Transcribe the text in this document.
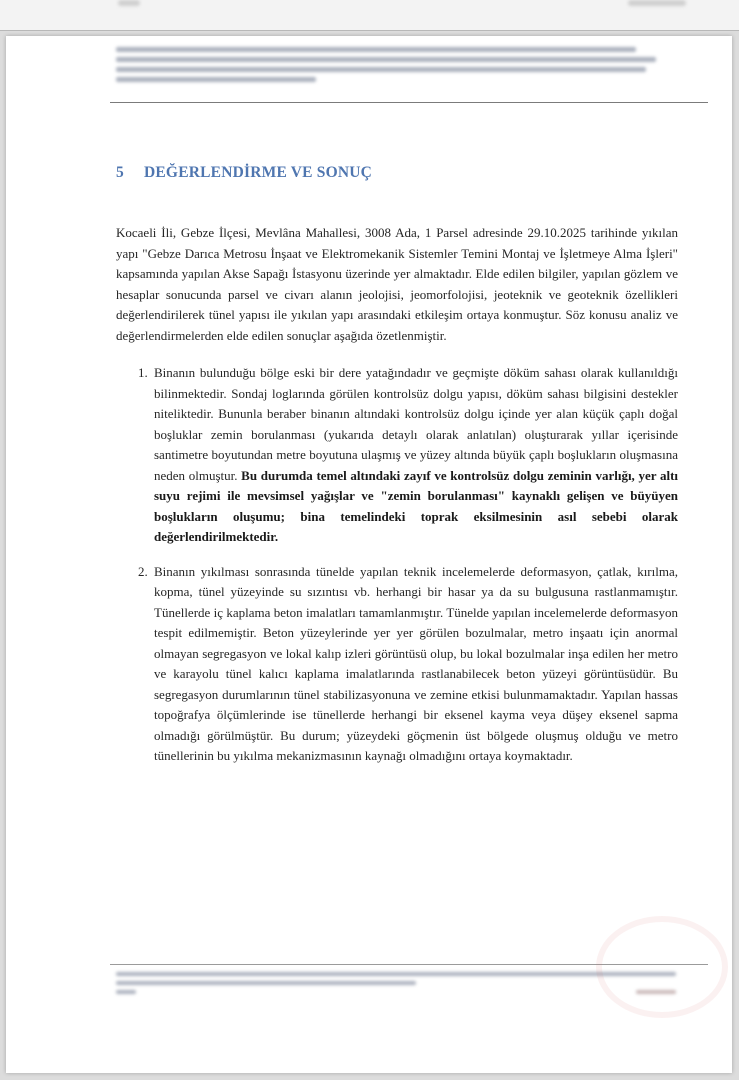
5 DEĞERLENDİRME VE SONUÇ

Kocaeli İli, Gebze İlçesi, Mevlâna Mahallesi, 3008 Ada, 1 Parsel adresinde 29.10.2025 tarihinde yıkılan yapı "Gebze Darıca Metrosu İnşaat ve Elektromekanik Sistemler Temini Montaj ve İşletmeye Alma İşleri" kapsamında yapılan Akse Sapağı İstasyonu üzerinde yer almaktadır. Elde edilen bilgiler, yapılan gözlem ve hesaplar sonucunda parsel ve civarı alanın jeolojisi, jeomorfolojisi, jeoteknik ve geoteknik özellikleri değerlendirilerek tünel yapısı ile yıkılan yapı arasındaki etkileşim ortaya konmuştur. Söz konusu analiz ve değerlendirmelerden elde edilen sonuçlar aşağıda özetlenmiştir.

1. Binanın bulunduğu bölge eski bir dere yatağındadır ve geçmişte döküm sahası olarak kullanıldığı bilinmektedir. Sondaj loglarında görülen kontrolsüz dolgu yapısı, döküm sahası bilgisini destekler niteliktedir. Bununla beraber binanın altındaki kontrolsüz dolgu içinde yer alan küçük çaplı doğal boşluklar zemin borulanması (yukarıda detaylı olarak anlatılan) oluşturarak yıllar içerisinde santimetre boyutundan metre boyutuna ulaşmış ve yüzey altında büyük çaplı boşlukların oluşmasına neden olmuştur. Bu durumda temel altındaki zayıf ve kontrolsüz dolgu zeminin varlığı, yer altı suyu rejimi ile mevsimsel yağışlar ve "zemin borulanması" kaynaklı gelişen ve büyüyen boşlukların oluşumu; bina temelindeki toprak eksilmesinin asıl sebebi olarak değerlendirilmektedir.
2. Binanın yıkılması sonrasında tünelde yapılan teknik incelemelerde deformasyon, çatlak, kırılma, kopma, tünel yüzeyinde su sızıntısı vb. herhangi bir hasar ya da su bulgusuna rastlanmamıştır. Tünellerde iç kaplama beton imalatları tamamlanmıştır. Tünelde yapılan incelemelerde deformasyon tespit edilmemiştir. Beton yüzeylerinde yer yer görülen bozulmalar, metro inşaatı için anormal olmayan segregasyon ve lokal kalıp izleri görüntüsü olup, bu lokal bozulmalar inşa edilen her metro ve karayolu tünel kalıcı kaplama imalatlarında rastlanabilecek beton yüzeyi görüntüsüdür. Bu segregasyon durumlarının tünel stabilizasyonuna ve zemine etkisi bulunmamaktadır. Yapılan hassas topoğrafya ölçümlerinde ise tünellerde herhangi bir eksenel kayma veya düşey eksenel sapma olmadığı görülmüştür. Bu durum; yüzeydeki göçmenin üst bölgede oluşmuş olduğu ve metro tünellerinin bu yıkılma mekanizmasının kaynağı olmadığını ortaya koymaktadır.
